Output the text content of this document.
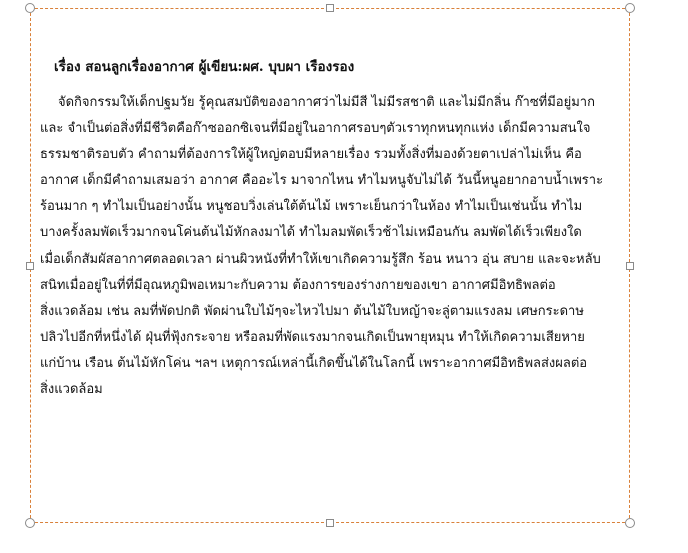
เรื่อง สอนลูกเรื่องอากาศ ผู้เขียน:ผศ. บุบผา เรืองรอง
จัดกิจกรรมให้เด็กปฐมวัย รู้คุณสมบัติของอากาศว่าไม่มีสี ไม่มีรสชาติ และไม่มีกลิ่น ก๊าซที่มีอยู่มาก
และ จำเป็นต่อสิ่งที่มีชีวิตคือก๊าซออกซิเจนที่มีอยู่ในอากาศรอบๆตัวเราทุกหนทุกแห่ง เด็กมีความสนใจ
ธรรมชาติรอบตัว คำถามที่ต้องการให้ผู้ใหญ่ตอบมีหลายเรื่อง รวมทั้งสิ่งที่มองด้วยตาเปล่าไม่เห็น คือ
อากาศ เด็กมีคำถามเสมอว่า อากาศ คืออะไร มาจากไหน ทำไมหนูจับไม่ได้ วันนี้หนูอยากอาบน้ำเพราะ
ร้อนมาก ๆ ทำไมเป็นอย่างนั้น หนูชอบวิ่งเล่นใต้ต้นไม้ เพราะเย็นกว่าในห้อง ทำไมเป็นเช่นนั้น ทำไม
บางครั้งลมพัดเร็วมากจนโค่นต้นไม้หักลงมาได้ ทำไมลมพัดเร็วช้าไม่เหมือนกัน ลมพัดได้เร็วเพียงใด
เมื่อเด็กสัมผัสอากาศตลอดเวลา ผ่านผิวหนังที่ทำให้เขาเกิดความรู้สึก ร้อน หนาว อุ่น สบาย และจะหลับ
สนิทเมื่ออยู่ในที่ที่มีอุณหภูมิพอเหมาะกับความ ต้องการของร่างกายของเขา อากาศมีอิทธิพลต่อ
สิ่งแวดล้อม เช่น ลมที่พัดปกติ พัดผ่านใบไม้ๆจะไหวไปมา ต้นไม้ใบหญ้าจะลู่ตามแรงลม เศษกระดาษ
ปลิวไปอีกที่หนึ่งได้ ฝุ่นที่ฟุ้งกระจาย หรือลมที่พัดแรงมากจนเกิดเป็นพายุหมุน ทำให้เกิดความเสียหาย
แก่บ้าน เรือน ต้นไม้หักโค่น ฯลฯ เหตุการณ์เหล่านี้เกิดขึ้นได้ในโลกนี้ เพราะอากาศมีอิทธิพลส่งผลต่อ
สิ่งแวดล้อม
